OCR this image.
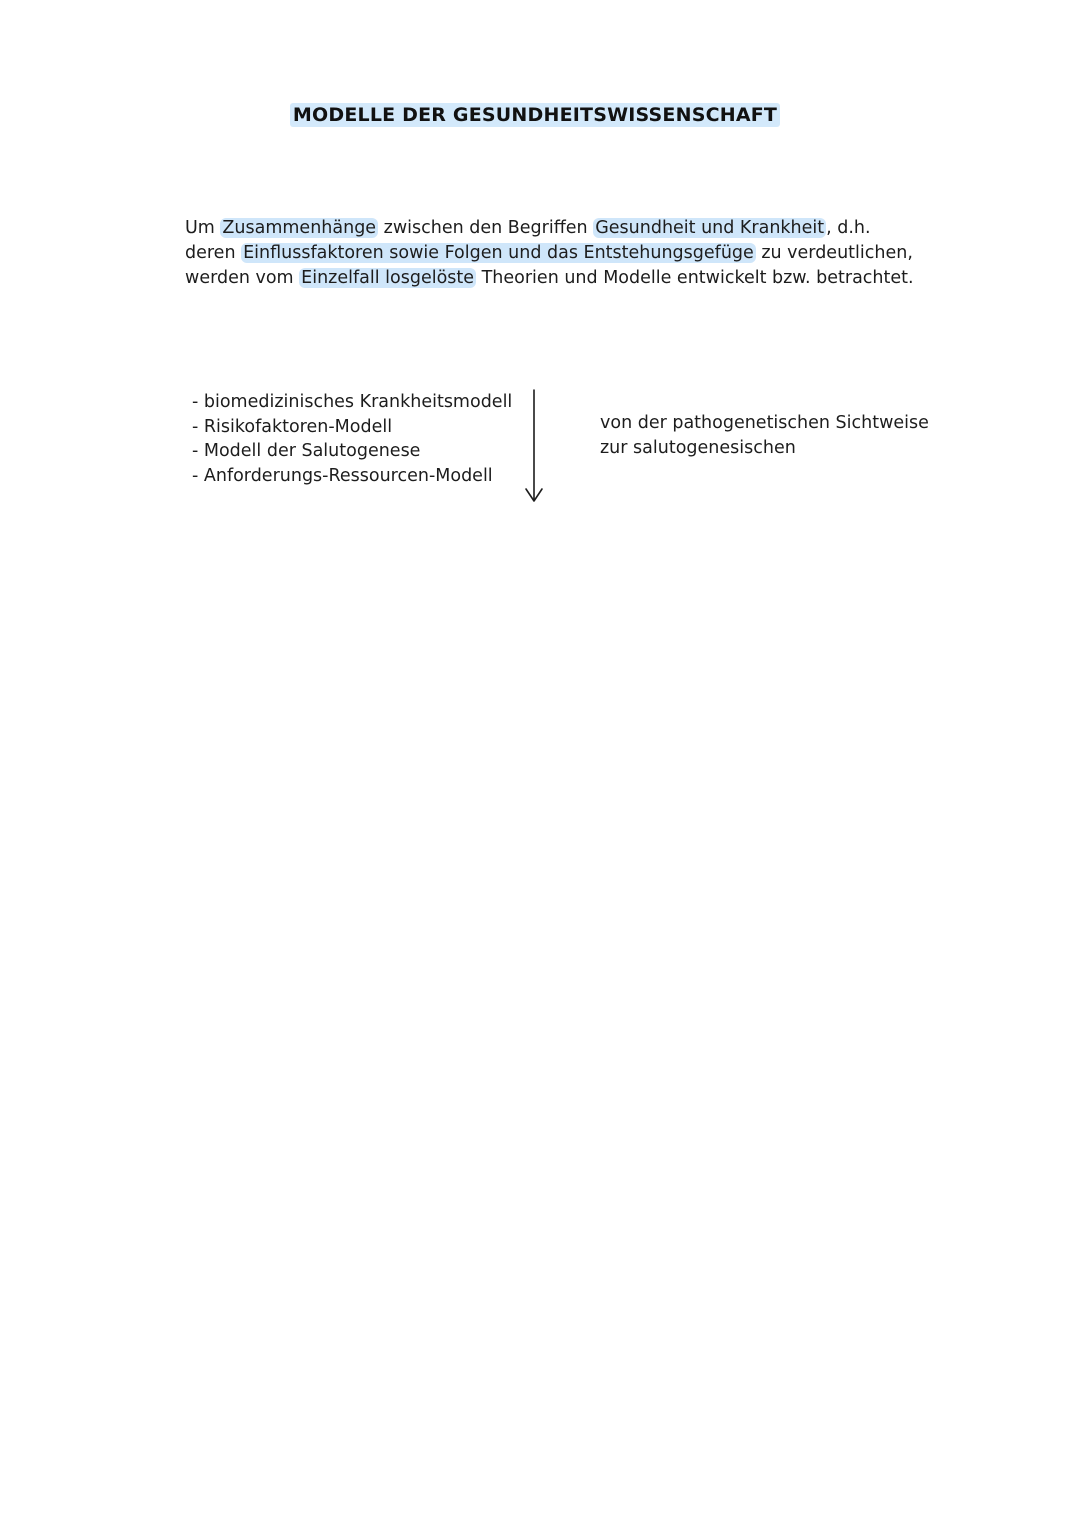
MODELLE DER GESUNDHEITSWISSENSCHAFT

Um Zusammenhänge zwischen den Begriffen Gesundheit und Krankheit , d.h. deren Einflussfaktoren sowie Folgen und das Entstehungsgefüge zu verdeutlichen, werden vom Einzelfall losgelöste Theorien und Modelle entwickelt bzw. betrachtet.

- biomedizinisches Krankheitsmodell
- Risikofaktoren-Modell
- Modell der Salutogenese
- Anforderungs-Ressourcen-Modell
von der pathogenetischen Sichtweise
zur salutogenesischen
